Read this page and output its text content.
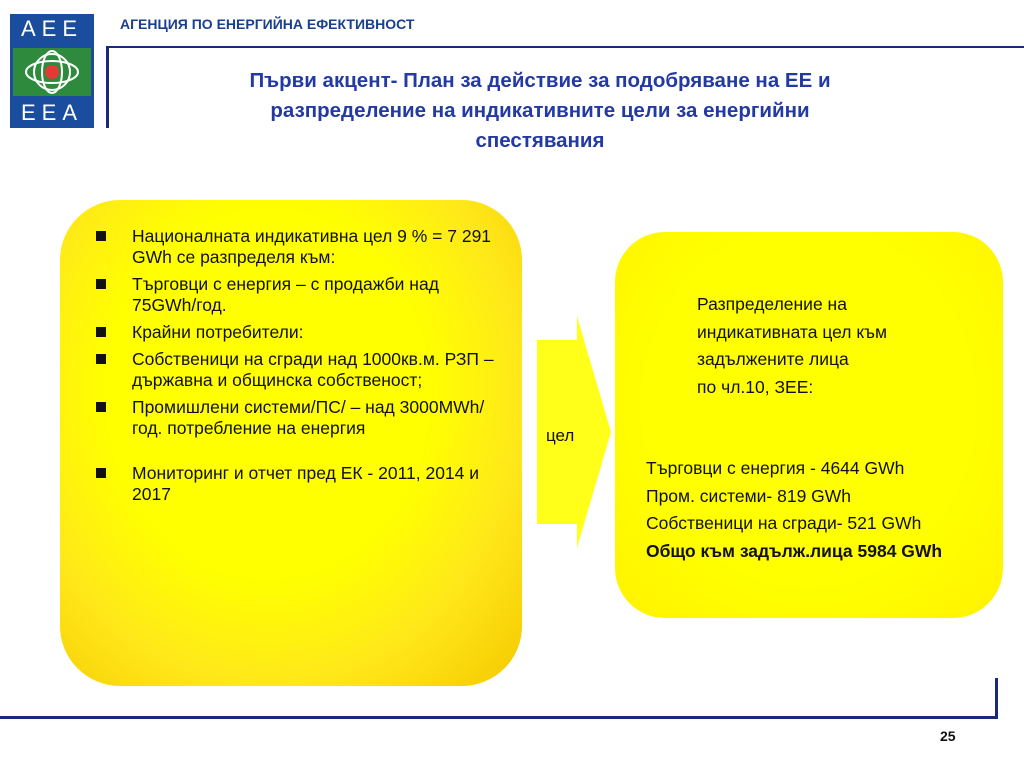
AEE
EEA
АГЕНЦИЯ ПО ЕНЕРГИЙНА ЕФЕКТИВНОСТ
Първи акцент- План за действие за подобряване на ЕЕ и
разпределение на индикативните цели за енергийни
спестявания
Националната индикативна цел 9 % = 7 291 GWh се разпределя към:
Търговци с енергия – с продажби над 75GWh/год.
Крайни потребители:
Собственици на сгради над 1000кв.м. РЗП – държавна и общинска собственост;
Промишлени системи/ПС/ – над 3000MWh/год. потребление на енергия
Мониторинг и отчет пред ЕК - 2011, 2014 и 2017
цел
Разпределение на
индикативната цел към
задължените лица
по чл.10, ЗЕЕ:
Търговци с енергия - 4644 GWh
Пром. системи- 819 GWh
Собственици на сгради- 521 GWh
Общо към задълж.лица 5984 GWh
25
